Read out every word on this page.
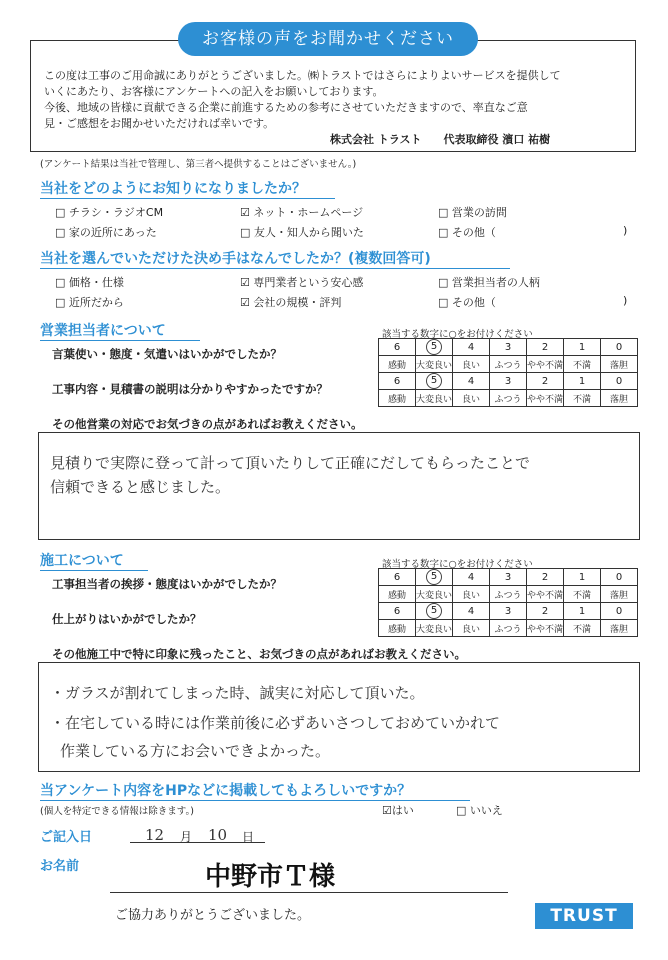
お客様の声をお聞かせください
この度は工事のご用命誠にありがとうございました。㈱トラストではさらによりよいサービスを提供して
いくにあたり、お客様にアンケートへの記入をお願いしております。
今後、地域の皆様に貢献できる企業に前進するための参考にさせていただきますので、率直なご意
見・ご感想をお聞かせいただければ幸いです。
株式会社 トラスト　　代表取締役 濱口 祐樹
(アンケート結果は当社で管理し、第三者へ提供することはございません。)
当社をどのようにお知りになりましたか？
□ チラシ・ラジオCM	☑ ネット・ホームページ	□ 営業の訪問
□ 家の近所にあった	□ 友人・知人から聞いた	□ その他（	)
当社を選んでいただけた決め手はなんでしたか？(複数回答可)
□ 価格・仕様	☑ 専門業者という安心感	□ 営業担当者の人柄
□ 近所だから	☑ 会社の規模・評判	□ その他（	)
営業担当者について	該当する数字に○をお付けください
言葉使い・態度・気遣いはいかがでしたか？
工事内容・見積書の説明は分かりやすかったですか？
6	5	4	3	2	1	0
感動	大変良い	良い	ふつう	やや不満	不満	落胆
6	5	4	3	2	1	0
感動	大変良い	良い	ふつう	やや不満	不満	落胆
その他営業の対応でお気づきの点があればお教えください。
見積りで実際に登って計って頂いたりして正確にだしてもらったことで
信頼できると感じました。
施工について	該当する数字に○をお付けください
工事担当者の挨拶・態度はいかがでしたか？
仕上がりはいかがでしたか？
6	5	4	3	2	1	0
感動	大変良い	良い	ふつう	やや不満	不満	落胆
6	5	4	3	2	1	0
感動	大変良い	良い	ふつう	やや不満	不満	落胆
その他施工中で特に印象に残ったこと、お気づきの点があればお教えください。
・ガラスが割れてしまった時、誠実に対応して頂いた。
・在宅している時には作業前後に必ずあいさつしておめていかれて
作業している方にお会いできよかった。
当アンケート内容をHPなどに掲載してもよろしいですか？
(個人を特定できる情報は除きます。)	☑はい	□ いいえ
ご記入日	12 月 10 日
お名前	中野市Ｔ様
ご協力ありがとうございました。	TRUST
